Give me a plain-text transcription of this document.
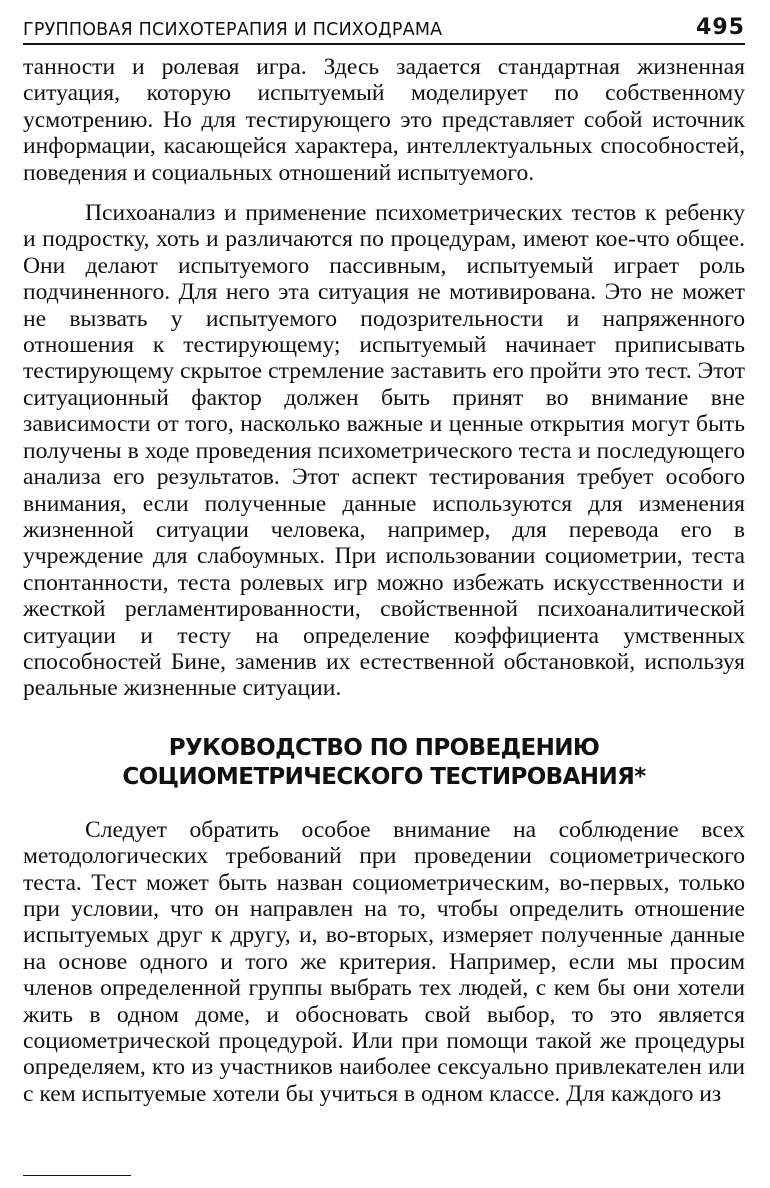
ГРУППОВАЯ ПСИХОТЕРАПИЯ И ПСИХОДРАМА	495

танности и ролевая игра. Здесь задается стандартная жизненная ситуация, которую испытуемый моделирует по собственному усмотрению. Но для тестирующего это представляет собой источник информации, касающейся характера, интеллектуальных способностей, поведения и социальных отношений испытуемого.

Психоанализ и применение психометрических тестов к ребенку и подростку, хоть и различаются по процедурам, имеют кое-что общее. Они делают испытуемого пассивным, испытуемый играет роль подчиненного. Для него эта ситуация не мотивирована. Это не может не вызвать у испытуемого подозрительности и напряженного отношения к тестирующему; испытуемый начинает приписывать тестирующему скрытое стремление заставить его пройти это тест. Этот ситуационный фактор должен быть принят во внимание вне зависимости от того, насколько важные и ценные открытия могут быть получены в ходе проведения психометрического теста и последующего анализа его результатов. Этот аспект тестирования требует особого внимания, если полученные данные используются для изменения жизненной ситуации человека, например, для перевода его в учреждение для слабоумных. При использовании социометрии, теста спонтанности, теста ролевых игр можно избежать искусственности и жесткой регламентированности, свойственной психоаналитической ситуации и тесту на определение коэффициента умственных способностей Бине, заменив их естественной обстановкой, используя реальные жизненные ситуации.

РУКОВОДСТВО ПО ПРОВЕДЕНИЮ
СОЦИОМЕТРИЧЕСКОГО ТЕСТИРОВАНИЯ*

Следует обратить особое внимание на соблюдение всех методологических требований при проведении социометрического теста. Тест может быть назван социометрическим, во-первых, только при условии, что он направлен на то, чтобы определить отношение испытуемых друг к другу, и, во-вторых, измеряет полученные данные на основе одного и того же критерия. Например, если мы просим членов определенной группы выбрать тех людей, с кем бы они хотели жить в одном доме, и обосновать свой выбор, то это является социометрической процедурой. Или при помощи такой же процедуры определяем, кто из участников наиболее сексуально привлекателен или с кем испытуемые хотели бы учиться в одном классе. Для каждого из
